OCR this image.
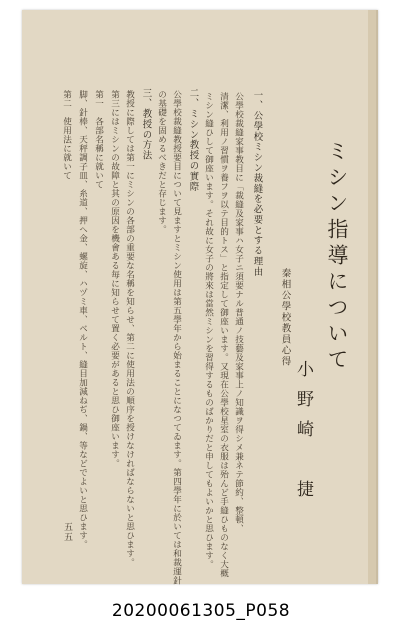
ミシン指導について
秦相公學校教員心得
小野崎　捷
一、公學校ミシン裁縫を必要とする理由
公學校裁縫家事教目に「裁縫及家事ハ女子ニ須要ナル普通ノ技藝及家事上ノ知識ヲ得シメ兼ネテ節約、整頓、
清潔、利用ノ習慣ヲ養フヲ以テ目的トス」と指定して御座います。又現在公學校星室の衣服は殆んど手縫ひものなく大概
ミシン縫ひして御座います。それ故に女子の將來は當然ミシンを習得するものばかりだと申してもよいかと思ひます。
二、ミシン教授の實際
公學校裁縫教授要目について見ますとミシン使用は第五學年から始まることになつてゐます。第四學年に於いては和裁運針
の基礎を固めるべきだと存じます。
三、教授の方法
教授に際しては第一にミシンの各部の重要な名稱を知らせ、第二に使用法の順序を授けなければならないと思ひます。
第三にはミシンの故障と其の原因を機會ある毎に知らせて置く必要があると思ひ御座います。
第一　各部名稱に就いて
脚、針棒、天秤調子皿、糸道、押へ金、螺旋、ハヅミ車、ベルト、縫目加減ねぢ、鍋、等などでよいと思ひます。
第二　使用法に就いて
五五
20200061305_P058
